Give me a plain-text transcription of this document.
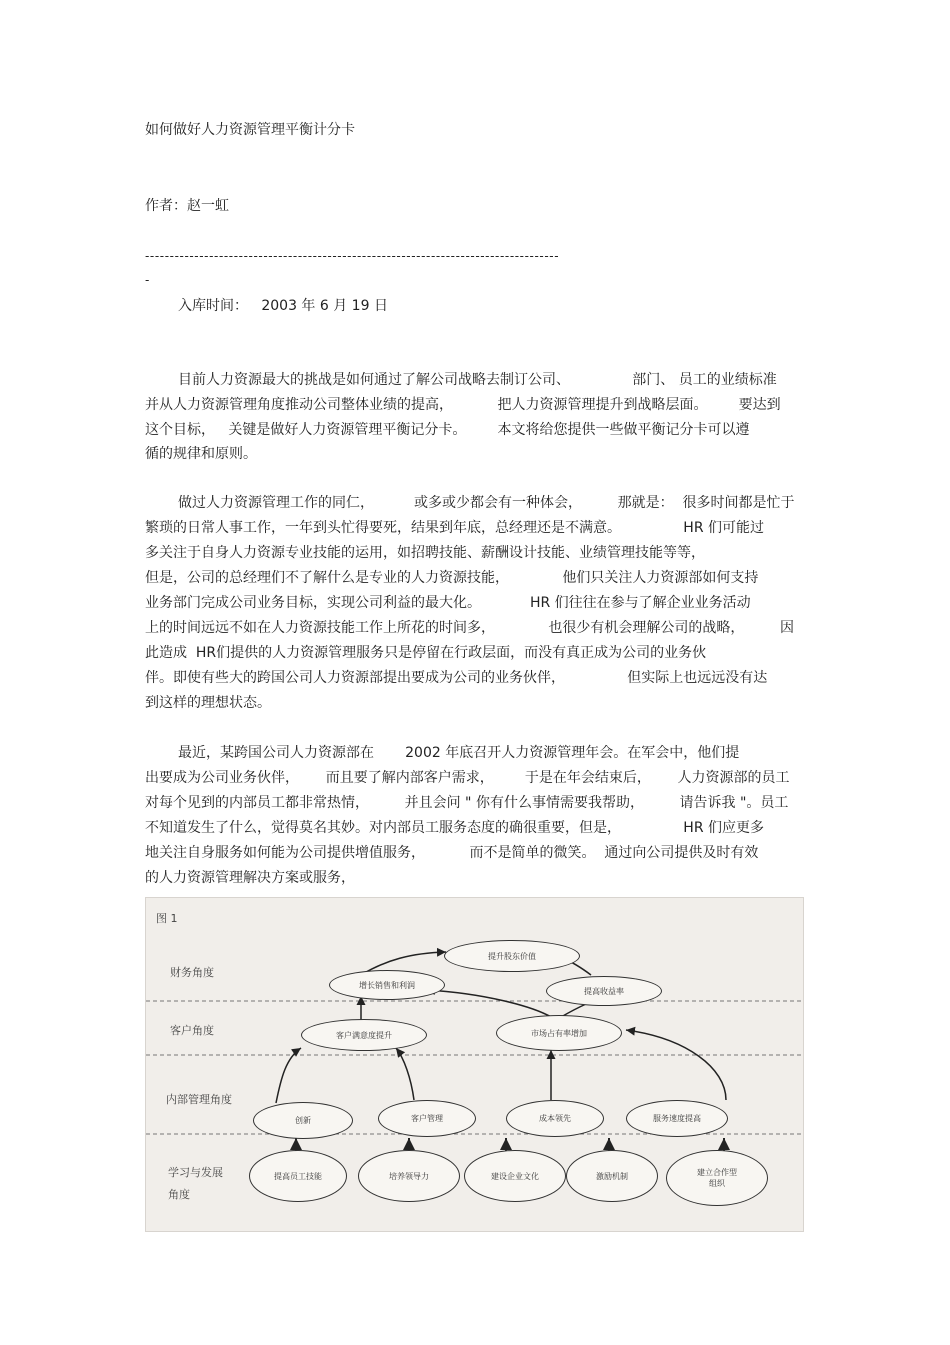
如何做好人力资源管理平衡计分卡
作者：赵一虹
------------------------------------------------------------------------------------
-
入库时间：   2003 年 6 月 19 日
目前人力资源最大的挑战是如何通过了解公司战略去制订公司、              部门、 员工的业绩标准
并从人力资源管理角度推动公司整体业绩的提高，          把人力资源管理提升到战略层面。       要达到
这个目标，   关键是做好人力资源管理平衡记分卡。       本文将给您提供一些做平衡记分卡可以遵
循的规律和原则。
做过人力资源管理工作的同仁，         或多或少都会有一种体会，        那就是：  很多时间都是忙于
繁琐的日常人事工作，一年到头忙得要死，结果到年底，总经理还是不满意。              HR 们可能过
多关注于自身人力资源专业技能的运用，如招聘技能、薪酬设计技能、业绩管理技能等等，
但是，公司的总经理们不了解什么是专业的人力资源技能，            他们只关注人力资源部如何支持
业务部门完成公司业务目标，实现公司利益的最大化。           HR 们往往在参与了解企业业务活动
上的时间远远不如在人力资源技能工作上所花的时间多，            也很少有机会理解公司的战略，        因
此造成  HR们提供的人力资源管理服务只是停留在行政层面，而没有真正成为公司的业务伙
伴。即使有些大的跨国公司人力资源部提出要成为公司的业务伙伴，              但实际上也远远没有达
到这样的理想状态。
最近，某跨国公司人力资源部在       2002 年底召开人力资源管理年会。在军会中，他们提
出要成为公司业务伙伴，      而且要了解内部客户需求，       于是在年会结束后，      人力资源部的员工
对每个见到的内部员工都非常热情，        并且会问 " 你有什么事情需要我帮助，        请告诉我 "。员工
不知道发生了什么，觉得莫名其妙。对内部员工服务态度的确很重要，但是，              HR 们应更多
地关注自身服务如何能为公司提供增值服务，          而不是简单的微笑。  通过向公司提供及时有效
的人力资源管理解决方案或服务，
图 1
财务角度
客户角度
内部管理角度
学习与发展
角度
提升股东价值
增长销售和利润
提高收益率
客户满意度提升	市场占有率增加
创新	客户管理	成本领先	服务速度提高
提高员工技能	培养领导力	建设企业文化	激励机制	建立合作型
组织
